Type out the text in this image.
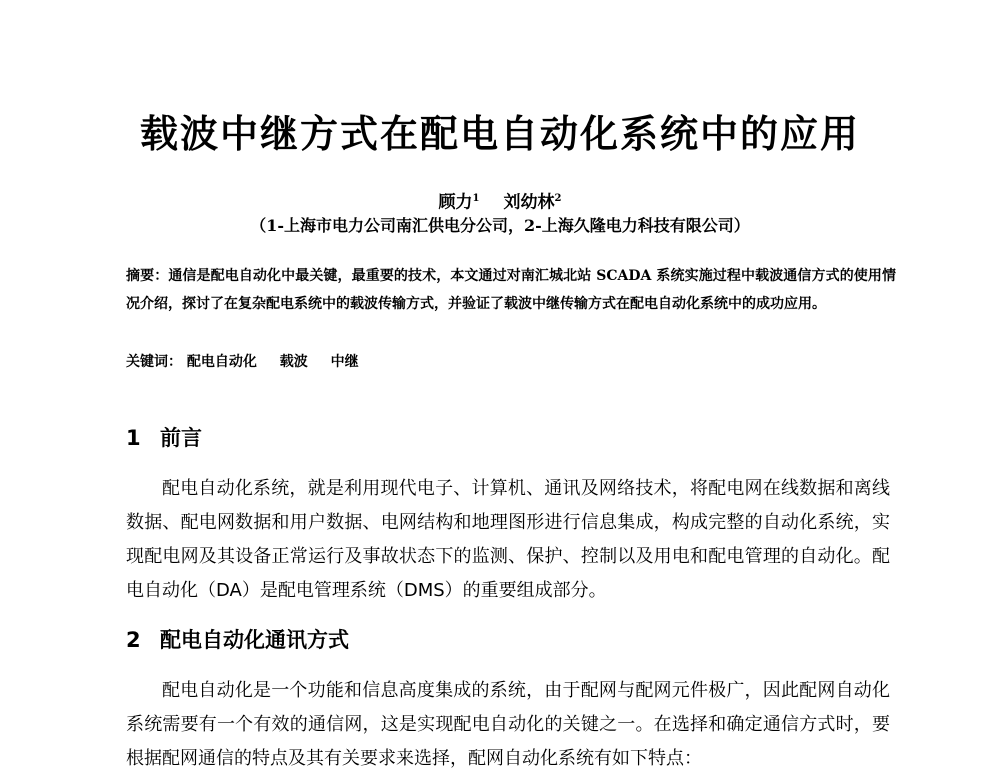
载波中继方式在配电自动化系统中的应用
顾力$^1$ 刘幼林$^2$
（1-上海市电力公司南汇供电分公司，2-上海久隆电力科技有限公司）
摘要：通信是配电自动化中最关键，最重要的技术，本文通过对南汇城北站 SCADA 系统实施过程中载波通信方式的使用情况介绍，探讨了在复杂配电系统中的载波传输方式，并验证了载波中继传输方式在配电自动化系统中的成功应用。
关键词： 配电自动化 载波 中继
1 前言
配电自动化系统，就是利用现代电子、计算机、通讯及网络技术，将配电网在线数据和离线数据、配电网数据和用户数据、电网结构和地理图形进行信息集成，构成完整的自动化系统，实现配电网及其设备正常运行及事故状态下的监测、保护、控制以及用电和配电管理的自动化。配电自动化（DA）是配电管理系统（DMS）的重要组成部分。
2 配电自动化通讯方式
配电自动化是一个功能和信息高度集成的系统，由于配网与配网元件极广，因此配网自动化系统需要有一个有效的通信网，这是实现配电自动化的关键之一。在选择和确定通信方式时，要根据配网通信的特点及其有关要求来选择，配网自动化系统有如下特点：
